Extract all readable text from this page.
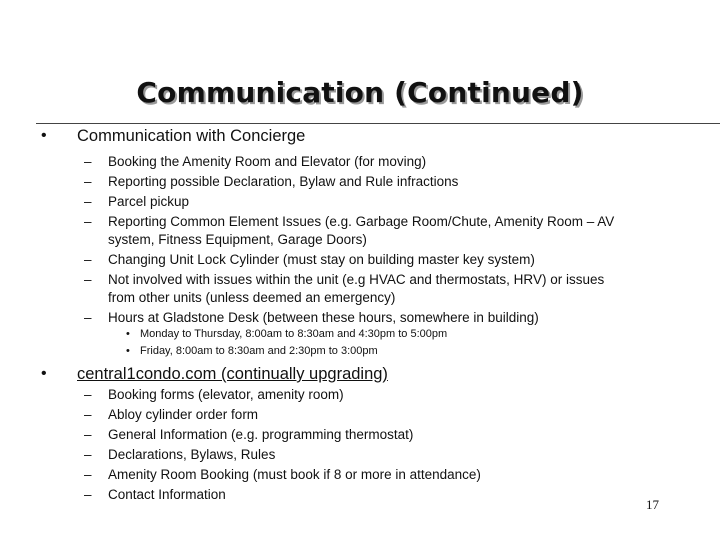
Communication (Continued)
• Communication with Concierge
– Booking the Amenity Room and Elevator (for moving)
– Reporting possible Declaration, Bylaw and Rule infractions
– Parcel pickup
– Reporting Common Element Issues (e.g. Garbage Room/Chute, Amenity Room – AV system, Fitness Equipment, Garage Doors)
– Changing Unit Lock Cylinder (must stay on building master key system)
– Not involved with issues within the unit (e.g HVAC and thermostats, HRV) or issues from other units (unless deemed an emergency)
– Hours at Gladstone Desk (between these hours, somewhere in building)
• Monday to Thursday, 8:00am to 8:30am and 4:30pm to 5:00pm
• Friday, 8:00am to 8:30am and 2:30pm to 3:00pm
• central1condo.com (continually upgrading)
– Booking forms (elevator, amenity room)
– Abloy cylinder order form
– General Information (e.g. programming thermostat)
– Declarations, Bylaws, Rules
– Amenity Room Booking (must book if 8 or more in attendance)
– Contact Information
17
